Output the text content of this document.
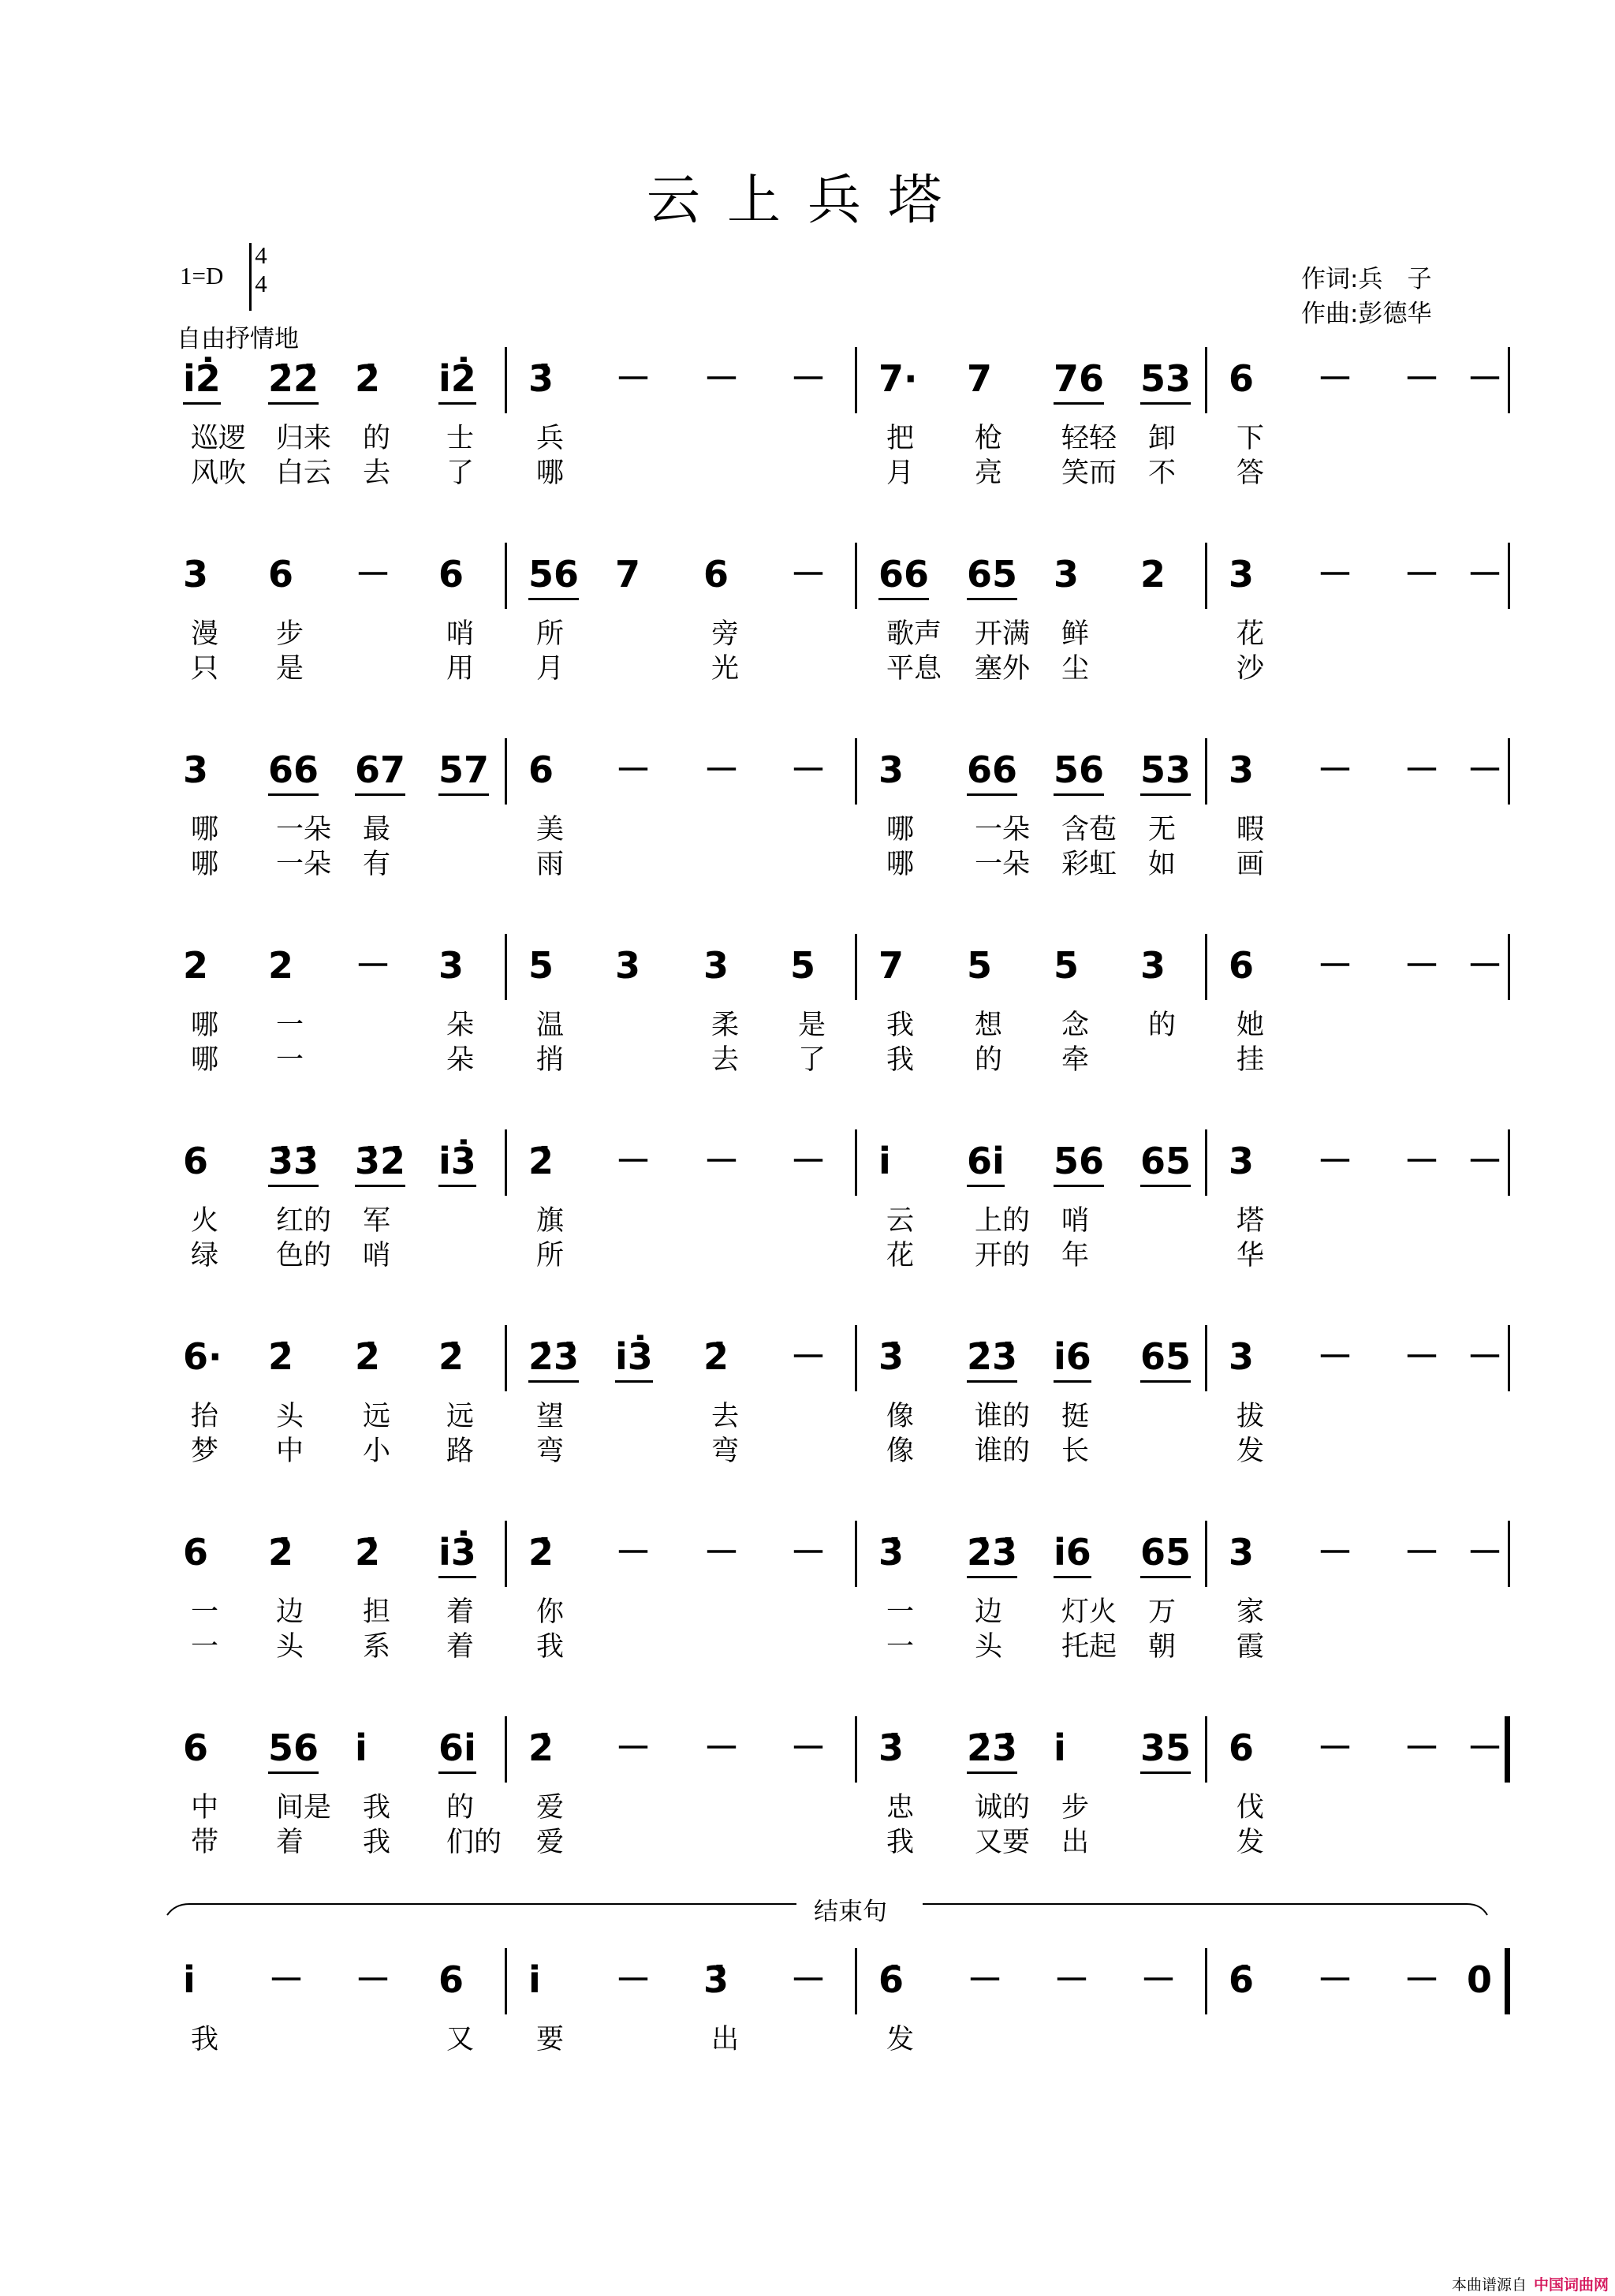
云上兵塔
1=D
4
4
自由抒情地
作词:兵　子
作曲:彭德华
i2̇
巡逻
风吹
2̇2̇
归来
白云
2̇
的
去
i2̇
士
了
3̇
兵
哪
－ － － 7·
把
月
7
枪
亮
76
轻轻
笑而
53
卸
不
6
下
答
－ － －
3
漫
只
6
步
是
－ 6
哨
用
56
所
月
7 6
旁
光
－ 66
歌声
平息
65
开满
塞外
3
鲜
尘
2 3
花
沙
－ － －
3
哪
哪
66
一朵
一朵
67
最
有
57 6
美
雨
－ － － 3
哪
哪
66
一朵
一朵
56
含苞
彩虹
53
无
如
3
暇
画
－ － －
2
哪
哪
2
一
一
－ 3
朵
朵
5
温
捎
3 3
柔
去
5
是
了
7
我
我
5
想
的
5
念
牵
3
的
6
她
挂
－ － －
6
火
绿
3̇3̇
红的
色的
3̇2̇
军
哨
i3̇ 2̇
旗
所
－ － － i
云
花
6i
上的
开的
56
哨
年
65 3
塔
华
－ － －
6·
抬
梦
2̇
头
中
2̇
远
小
2̇
远
路
2̇3̇
望
弯
i3̇ 2̇
去
弯
－ 3̇
像
像
2̇3̇
谁的
谁的
i6
挺
长
65 3
拔
发
－ － －
6
一
一
2̇
边
头
2̇
担
系
i3̇
着
着
2̇
你
我
－ － － 3̇
一
一
2̇3̇
边
头
i6
灯火
托起
65
万
朝
3
家
霞
－ － －
6
中
带
56
间是
着
i
我
我
6i
的
们的
2̇
爱
爱
－ － － 3̇
忠
我
2̇3̇
诚的
又要
i
步
出
35 6
伐
发
－ － －
i
我
－ － 6
又
i
要
－ 3̇
出
－ 6̇
发
－ － － 6̇ － － 0
结束句
本曲谱源自 中国词曲网
